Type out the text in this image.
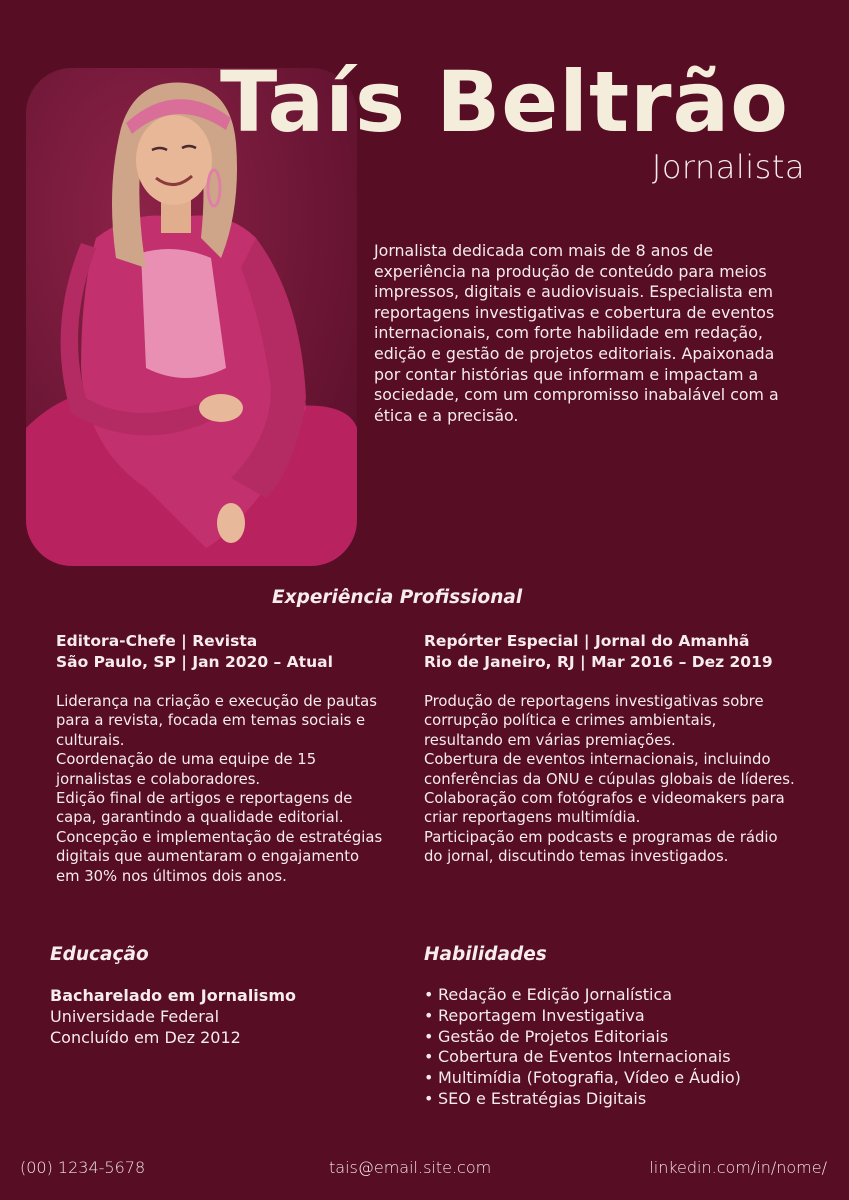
Taís Beltrão
Jornalista

Jornalista dedicada com mais de 8 anos de experiência na produção de conteúdo para meios impressos, digitais e audiovisuais. Especialista em reportagens investigativas e cobertura de eventos internacionais, com forte habilidade em redação, edição e gestão de projetos editoriais. Apaixonada por contar histórias que informam e impactam a sociedade, com um compromisso inabalável com a ética e a precisão.

Experiência Profissional
Editora-Chefe | Revista
São Paulo, SP | Jan 2020 – Atual
Liderança na criação e execução de pautas para a revista, focada em temas sociais e culturais.
Coordenação de uma equipe de 15 jornalistas e colaboradores.
Edição final de artigos e reportagens de capa, garantindo a qualidade editorial.
Concepção e implementação de estratégias digitais que aumentaram o engajamento em 30% nos últimos dois anos.
Repórter Especial | Jornal do Amanhã
Rio de Janeiro, RJ | Mar 2016 – Dez 2019
Produção de reportagens investigativas sobre corrupção política e crimes ambientais, resultando em várias premiações.
Cobertura de eventos internacionais, incluindo conferências da ONU e cúpulas globais de líderes.
Colaboração com fotógrafos e videomakers para criar reportagens multimídia.
Participação em podcasts e programas de rádio do jornal, discutindo temas investigados.
Educação
Bacharelado em Jornalismo
Universidade Federal
Concluído em Dez 2012
Habilidades
• Redação e Edição Jornalística
• Reportagem Investigativa
• Gestão de Projetos Editoriais
• Cobertura de Eventos Internacionais
• Multimídia (Fotografia, Vídeo e Áudio)
• SEO e Estratégias Digitais
(00) 1234-5678	tais@email.site.com	linkedin.com/in/nome/
